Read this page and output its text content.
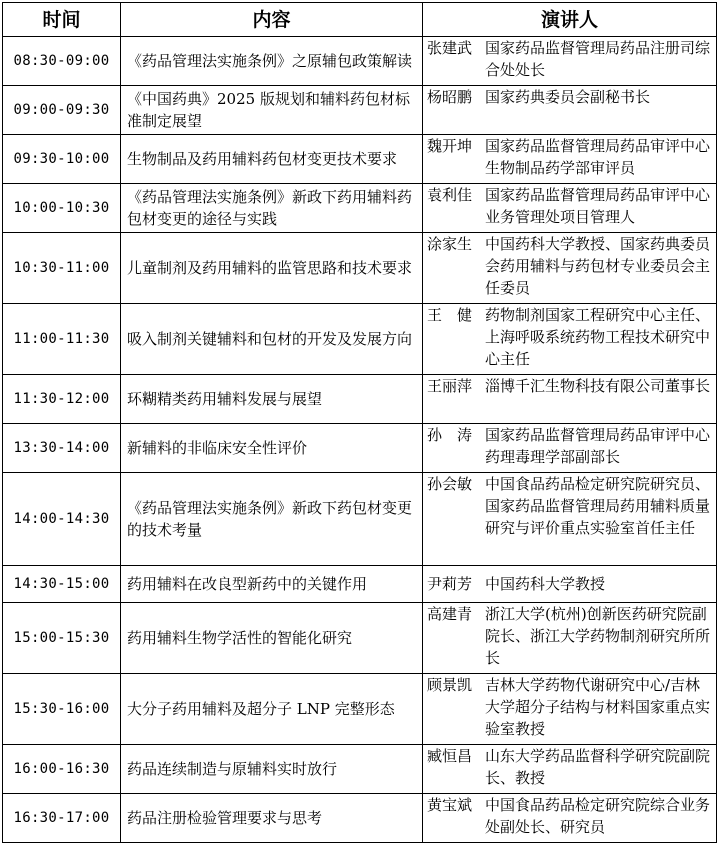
时间	内容	演讲人
08:30-09:00	《药品管理法实施条例》之原辅包政策解读	张建武 国家药品监督管理局药品注册司综合处处长

09:00-09:30	《中国药典》2025 版规划和辅料药包材标准制定展望	杨昭鹏 国家药典委员会副秘书长

09:30-10:00	生物制品及药用辅料药包材变更技术要求	魏开坤 国家药品监督管理局药品审评中心生物制品药学部审评员

10:00-10:30	《药品管理法实施条例》新政下药用辅料药包材变更的途径与实践	袁利佳 国家药品监督管理局药品审评中心业务管理处项目管理人

10:30-11:00	儿童制剂及药用辅料的监管思路和技术要求	涂家生 中国药科大学教授、国家药典委员会药用辅料与药包材专业委员会主任委员

11:00-11:30	吸入制剂关键辅料和包材的开发及发展方向	王　健 药物制剂国家工程研究中心主任、上海呼吸系统药物工程技术研究中心主任

11:30-12:00	环糊精类药用辅料发展与展望	王丽萍 淄博千汇生物科技有限公司董事长

13:30-14:00	新辅料的非临床安全性评价	孙　涛 国家药品监督管理局药品审评中心药理毒理学部副部长

14:00-14:30	《药品管理法实施条例》新政下药包材变更的技术考量	孙会敏 中国食品药品检定研究院研究员、国家药品监督管理局药用辅料质量研究与评价重点实验室首任主任

14:30-15:00	药用辅料在改良型新药中的关键作用	尹莉芳 中国药科大学教授

15:00-15:30	药用辅料生物学活性的智能化研究	高建青 浙江大学(杭州)创新医药研究院副院长、浙江大学药物制剂研究所所长

15:30-16:00	大分子药用辅料及超分子 LNP 完整形态	顾景凯 吉林大学药物代谢研究中心/吉林大学超分子结构与材料国家重点实验室教授

16:00-16:30	药品连续制造与原辅料实时放行	臧恒昌 山东大学药品监督科学研究院副院长、教授

16:30-17:00	药品注册检验管理要求与思考	黄宝斌 中国食品药品检定研究院综合业务处副处长、研究员
